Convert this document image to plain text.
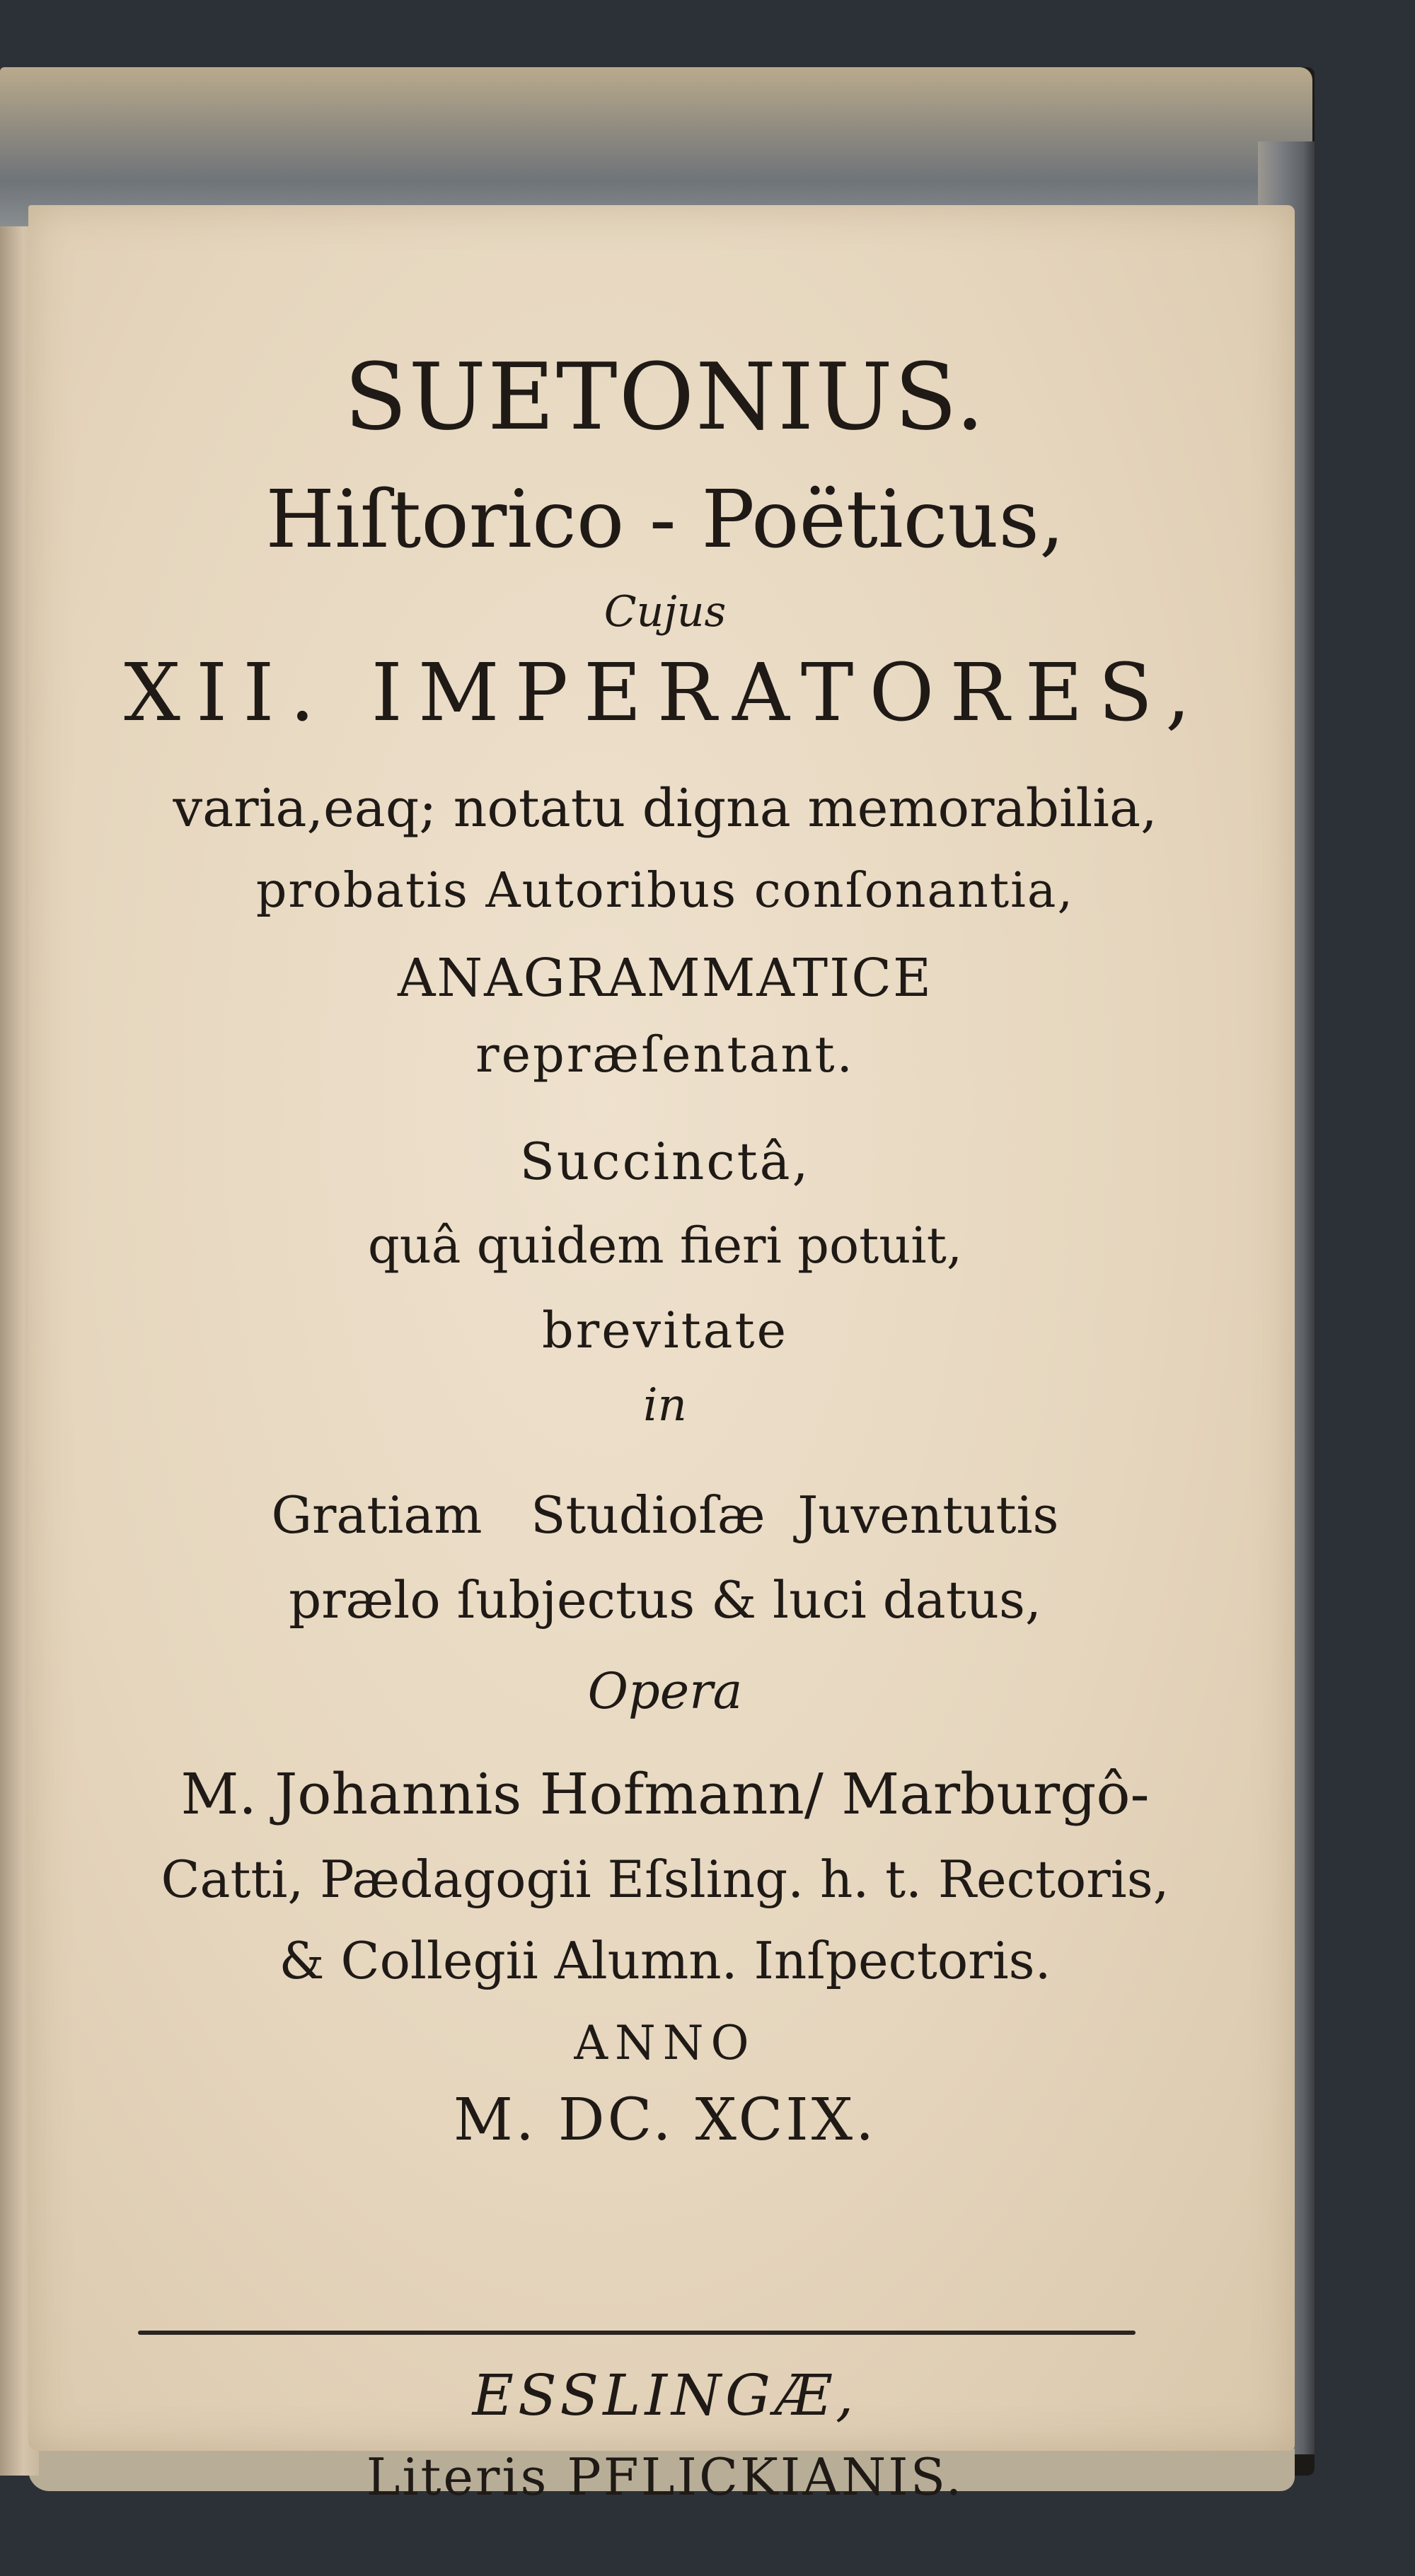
SUETONIUS.

Hiſtorico - Poëticus,

Cujus

XII. IMPERATORES,

varia,eaq; notatu digna memorabilia,

probatis Autoribus conſonantia,

ANAGRAMMATICE

repræſentant.

Succinctâ,

quâ quidem fieri potuit,

brevitate

in

Gratiam   Studioſæ  Juventutis

prælo ſubjectus & luci datus,

Opera

M. Johannis Hofmann/ Marburgô-

Catti, Pædagogii Eſsling. h. t. Rectoris,

& Collegii Alumn. Inſpectoris.

ANNO

M. DC. XCIX.

ESSLINGÆ,

Literis PFLICKIANIS.
